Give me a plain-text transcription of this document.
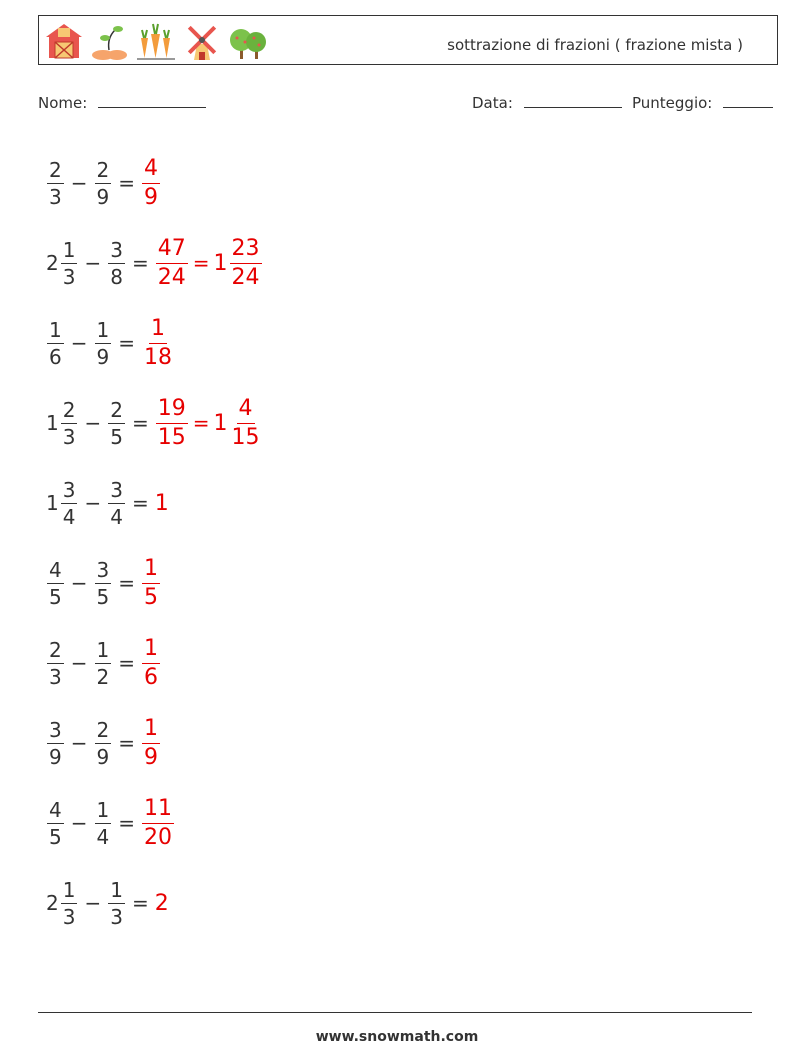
sottrazione di frazioni ( frazione mista )
Nome:	Data:	Punteggio:
$\frac{2}{3} - \frac{2}{9} = \frac{4}{9}$
$2 \frac{1}{3} - \frac{3}{8} = \frac{47}{24} = 1 \frac{23}{24}$
$\frac{1}{6} - \frac{1}{9} = \frac{1}{18}$
$1 \frac{2}{3} - \frac{2}{5} = \frac{19}{15} = 1 \frac{4}{15}$
$1 \frac{3}{4} - \frac{3}{4} = 1$
$\frac{4}{5} - \frac{3}{5} = \frac{1}{5}$
$\frac{2}{3} - \frac{1}{2} = \frac{1}{6}$
$\frac{3}{9} - \frac{2}{9} = \frac{1}{9}$
$\frac{4}{5} - \frac{1}{4} = \frac{11}{20}$
$2 \frac{1}{3} - \frac{1}{3} = 2$
www.snowmath.com
